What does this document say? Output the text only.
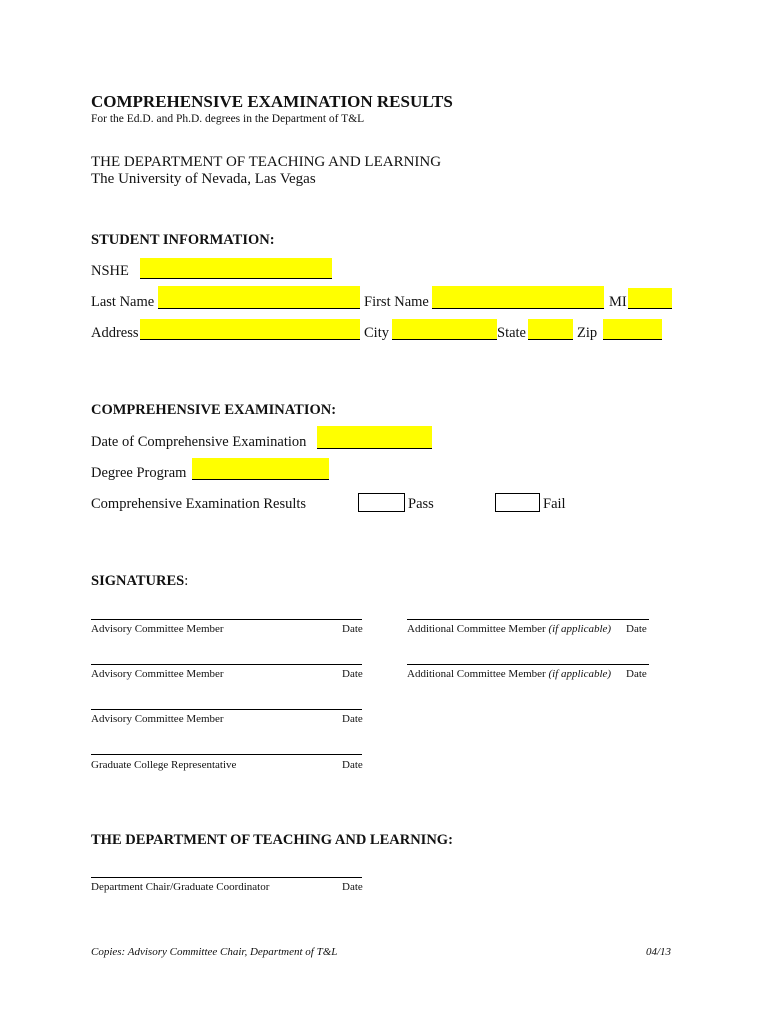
COMPREHENSIVE EXAMINATION RESULTS
For the Ed.D. and Ph.D. degrees in the Department of T&L
THE DEPARTMENT OF TEACHING AND LEARNING
The University of Nevada, Las Vegas
STUDENT INFORMATION:
NSHE
Last Name	First Name	MI
Address	City	State	Zip
COMPREHENSIVE EXAMINATION:
Date of Comprehensive Examination
Degree Program
Comprehensive Examination Results	Pass	Fail
SIGNATURES:
Advisory Committee Member	Date	Additional Committee Member (if applicable) Date
Advisory Committee Member	Date	Additional Committee Member (if applicable) Date
Advisory Committee Member	Date
Graduate College Representative	Date
THE DEPARTMENT OF TEACHING AND LEARNING:
Department Chair/Graduate Coordinator	Date
Copies: Advisory Committee Chair, Department of T&L	04/13
